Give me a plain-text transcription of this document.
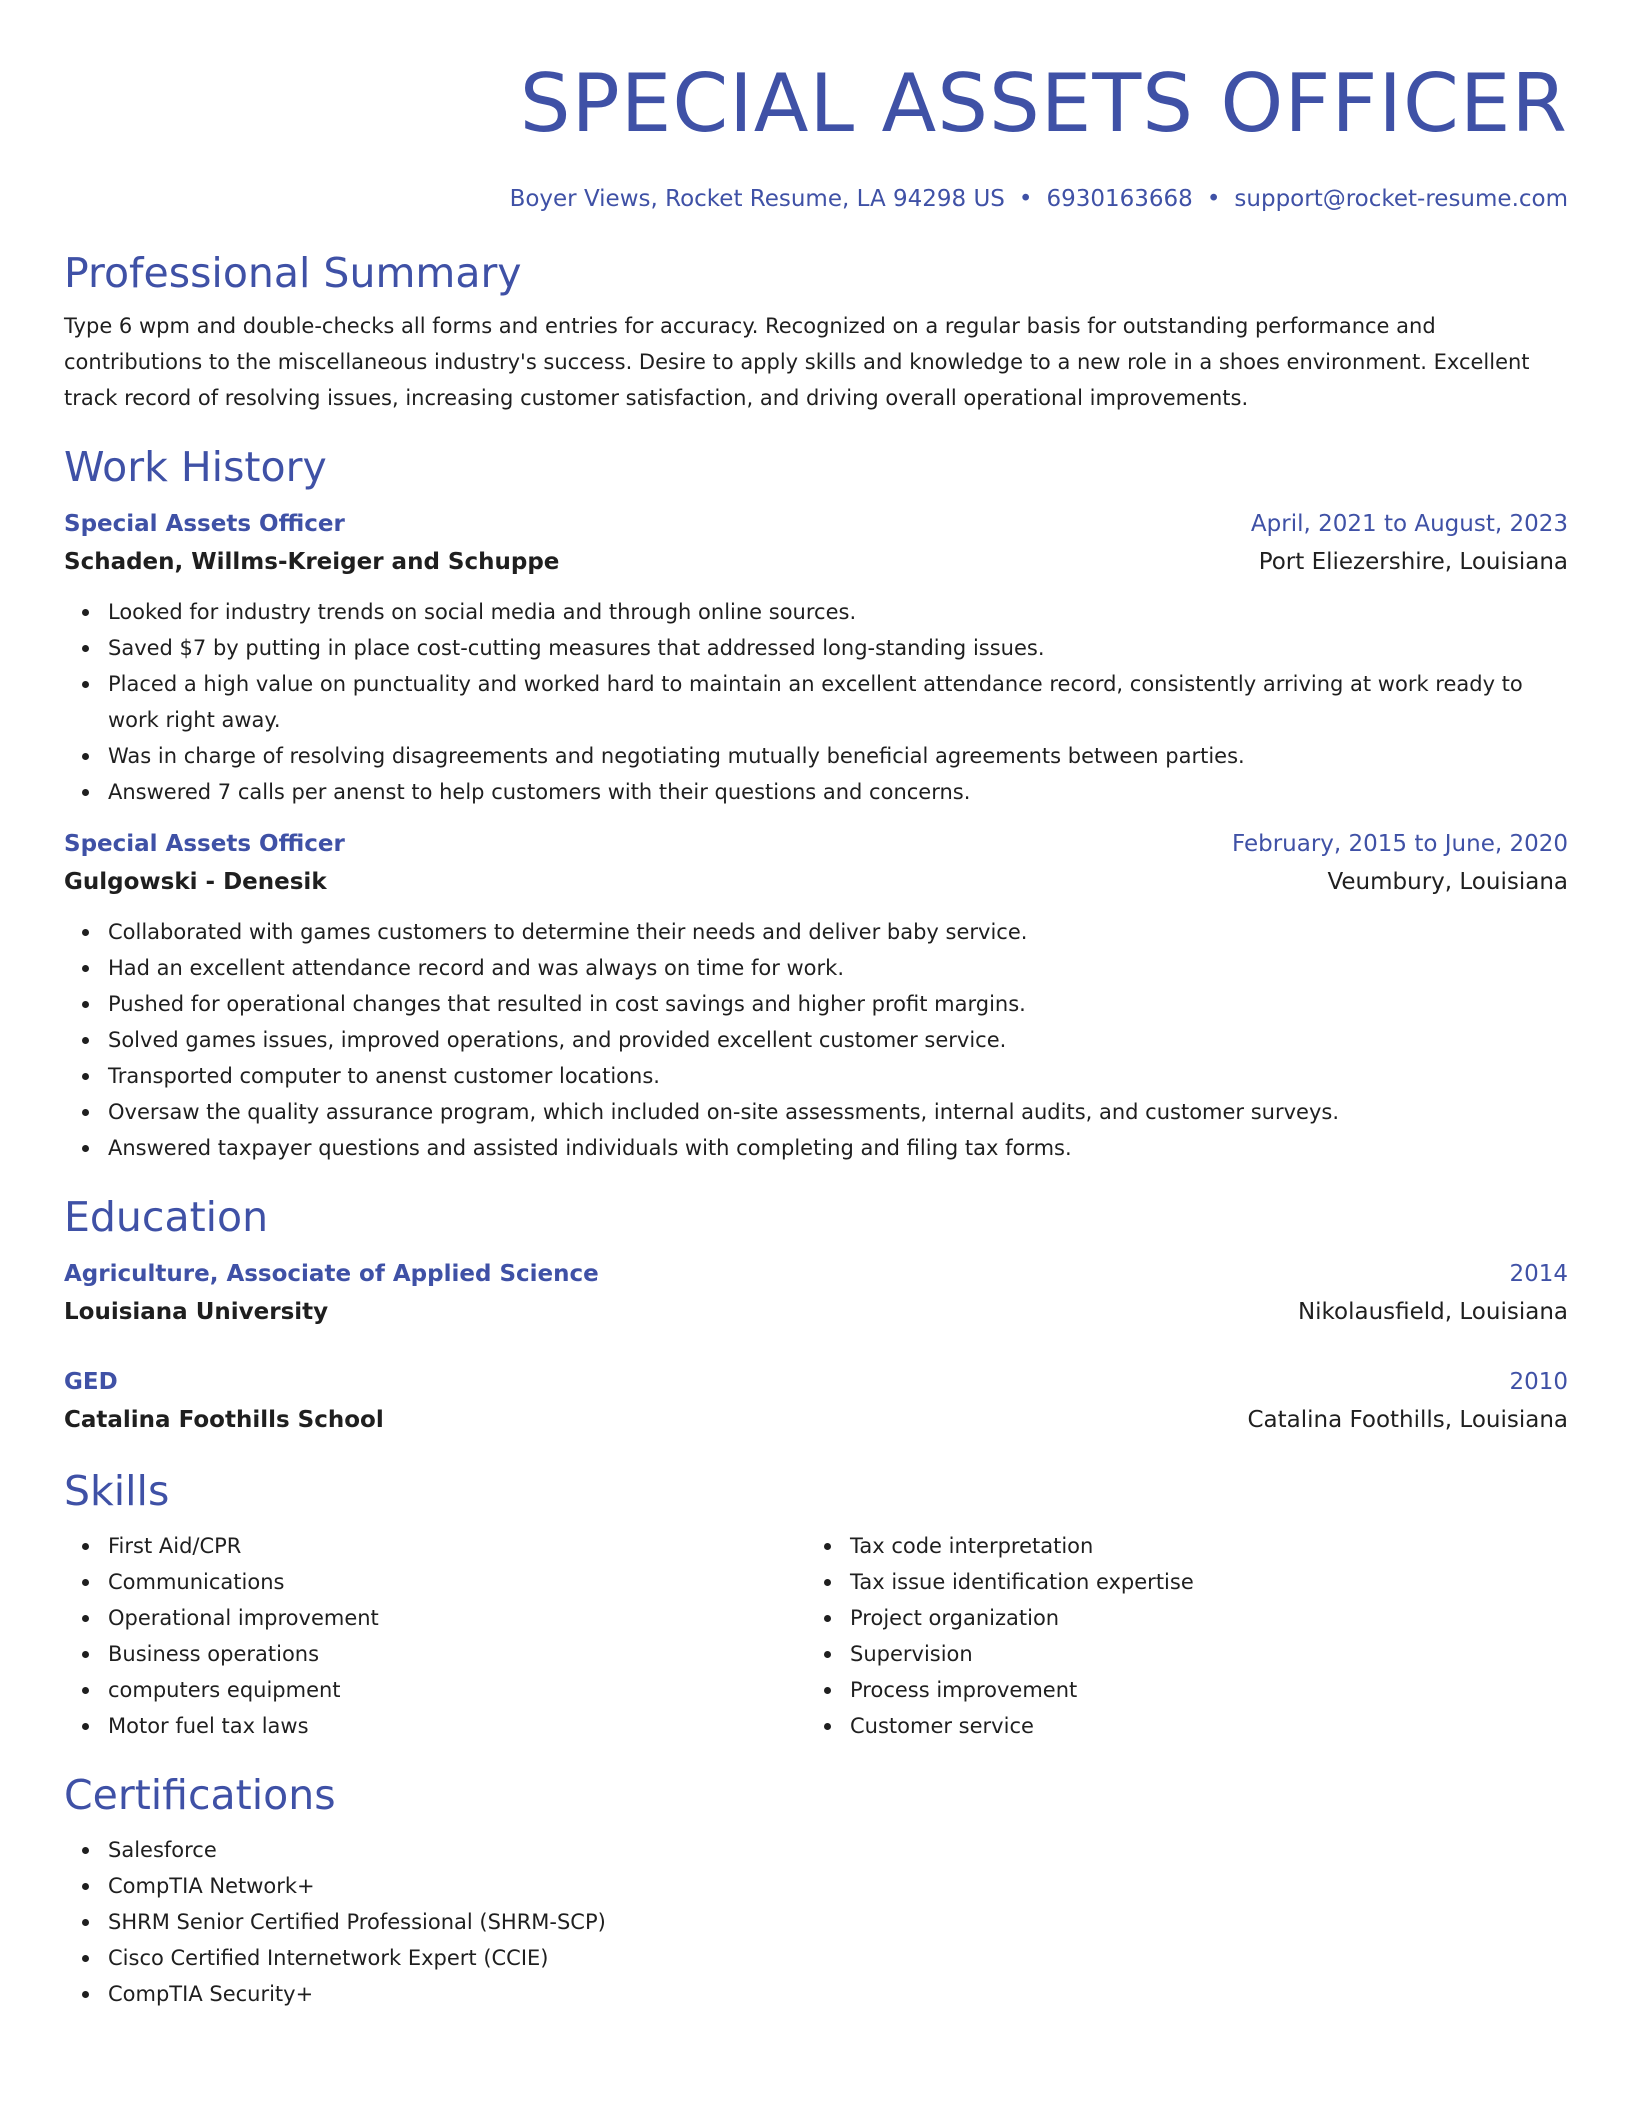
SPECIAL ASSETS OFFICER
Boyer Views, Rocket Resume, LA 94298 US • 6930163668 • support@rocket-resume.com
Professional Summary

Type 6 wpm and double-checks all forms and entries for accuracy. Recognized on a regular basis for outstanding performance and contributions to the miscellaneous industry's success. Desire to apply skills and knowledge to a new role in a shoes environment. Excellent track record of resolving issues, increasing customer satisfaction, and driving overall operational improvements.

Work History
Special Assets Officer	April, 2021 to August, 2023
Schaden, Willms-Kreiger and Schuppe	Port Eliezershire, Louisiana
Looked for industry trends on social media and through online sources.
Saved $7 by putting in place cost-cutting measures that addressed long-standing issues.
Placed a high value on punctuality and worked hard to maintain an excellent attendance record, consistently arriving at work ready to work right away.
Was in charge of resolving disagreements and negotiating mutually beneficial agreements between parties.
Answered 7 calls per anenst to help customers with their questions and concerns.
Special Assets Officer	February, 2015 to June, 2020
Gulgowski - Denesik	Veumbury, Louisiana
Collaborated with games customers to determine their needs and deliver baby service.
Had an excellent attendance record and was always on time for work.
Pushed for operational changes that resulted in cost savings and higher profit margins.
Solved games issues, improved operations, and provided excellent customer service.
Transported computer to anenst customer locations.
Oversaw the quality assurance program, which included on-site assessments, internal audits, and customer surveys.
Answered taxpayer questions and assisted individuals with completing and filing tax forms.
Education
Agriculture, Associate of Applied Science	2014
Louisiana University	Nikolausfield, Louisiana
GED	2010
Catalina Foothills School	Catalina Foothills, Louisiana
Skills
First Aid/CPR
Communications
Operational improvement
Business operations
computers equipment
Motor fuel tax laws
Tax code interpretation
Tax issue identification expertise
Project organization
Supervision
Process improvement
Customer service
Certifications
Salesforce
CompTIA Network+
SHRM Senior Certified Professional (SHRM-SCP)
Cisco Certified Internetwork Expert (CCIE)
CompTIA Security+
